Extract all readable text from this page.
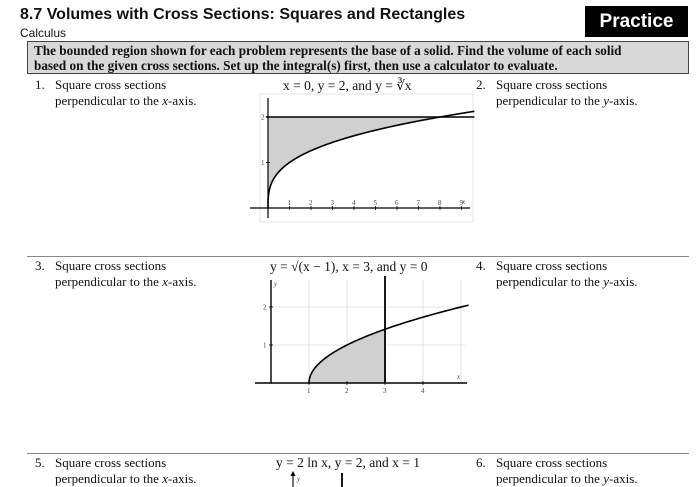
8.7 Volumes with Cross Sections: Squares and Rectangles
Calculus
Practice
The bounded region shown for each problem represents the base of a solid. Find the volume of each solid
based on the given cross sections. Set up the integral(s) first, then use a calculator to evaluate.
1. Square cross sections
perpendicular to the x-axis.
2. Square cross sections
perpendicular to the y-axis.
3. Square cross sections
perpendicular to the x-axis.
4. Square cross sections
perpendicular to the y-axis.
5. Square cross sections
perpendicular to the x-axis.
6. Square cross sections
perpendicular to the y-axis.
x = 0, y = 2, and y = ∛x
y = √(x − 1), x = 3, and y = 0
y = 2 ln x, y = 2, and x = 1
1	2	3	4	5	6	7	8	9
1
2
x
1	2	3	4
1
2
x
y
y
